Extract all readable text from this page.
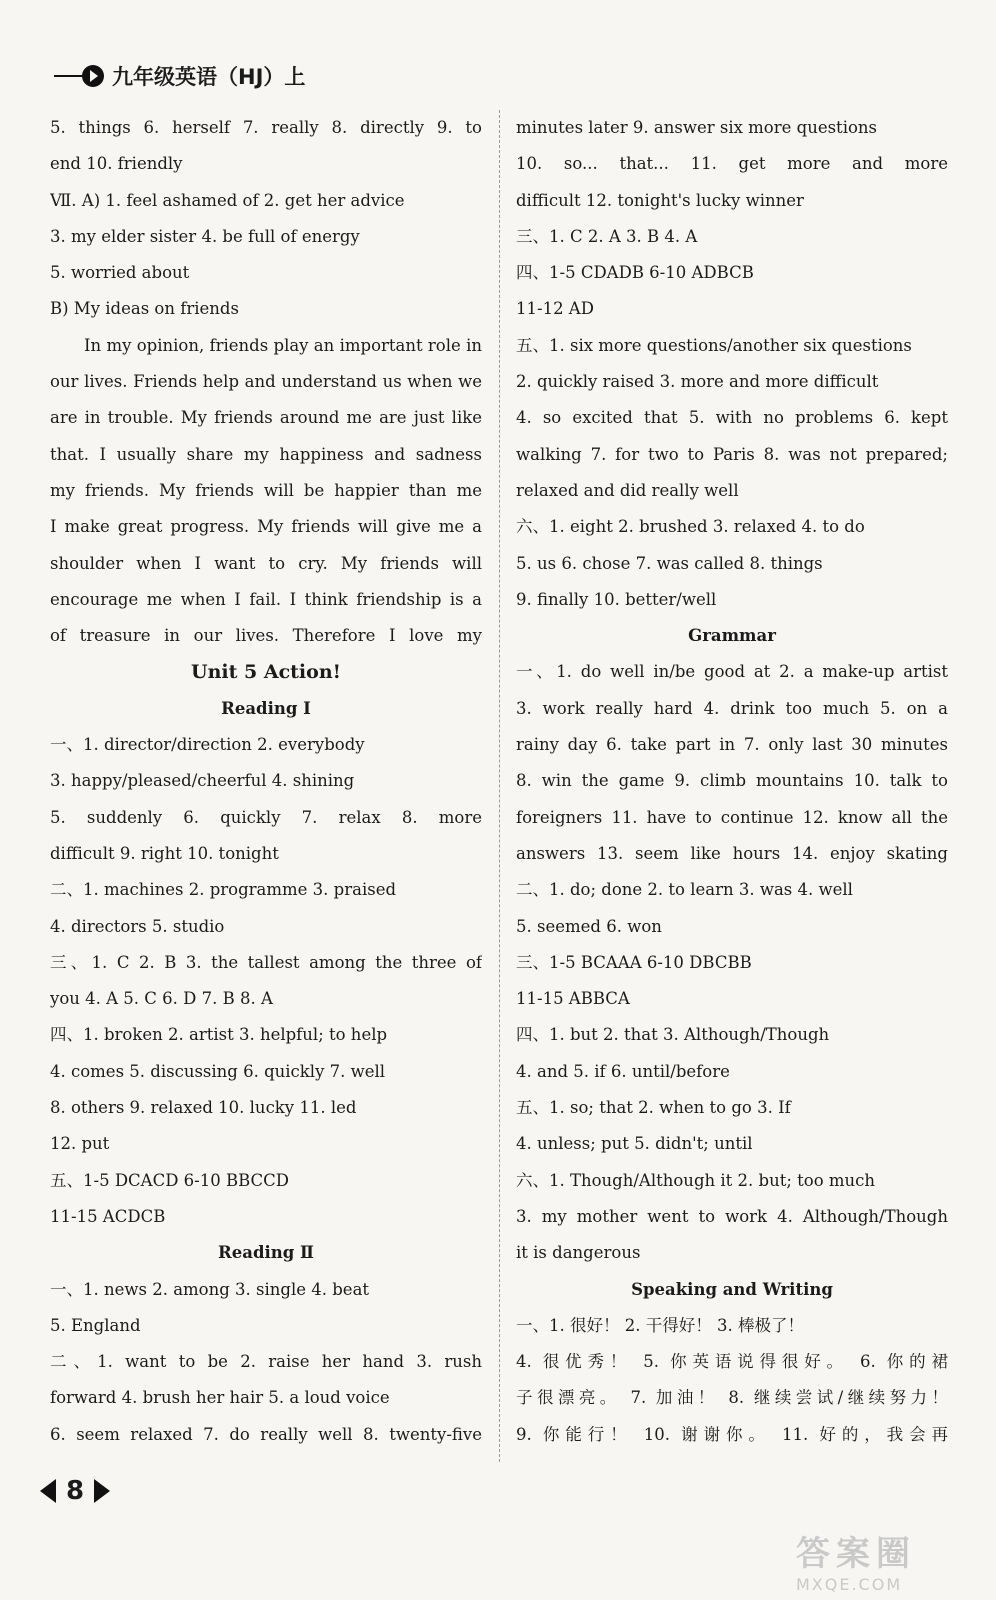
九年级英语（HJ）上
5. things 6. herself 7. really 8. directly 9. to
end 10. friendly
Ⅶ. A) 1. feel ashamed of 2. get her advice
3. my elder sister 4. be full of energy
5. worried about
B) My ideas on friends
In my opinion, friends play an important role in
our lives. Friends help and understand us when we
are in trouble. My friends around me are just like
that. I usually share my happiness and sadness
my friends. My friends will be happier than me
I make great progress. My friends will give me a
shoulder when I want to cry. My friends will
encourage me when I fail. I think friendship is a
of treasure in our lives. Therefore I love my
Unit 5 Action!
Reading Ⅰ
一、1. director/direction 2. everybody
3. happy/pleased/cheerful 4. shining
5. suddenly 6. quickly 7. relax 8. more
difficult 9. right 10. tonight
二、1. machines 2. programme 3. praised
4. directors 5. studio
三、1. C 2. B 3. the tallest among the three of
you 4. A 5. C 6. D 7. B 8. A
四、1. broken 2. artist 3. helpful; to help
4. comes 5. discussing 6. quickly 7. well
8. others 9. relaxed 10. lucky 11. led
12. put
五、1-5 DCACD 6-10 BBCCD
11-15 ACDCB
Reading Ⅱ
一、1. news 2. among 3. single 4. beat
5. England
二、1. want to be 2. raise her hand 3. rush
forward 4. brush her hair 5. a loud voice
6. seem relaxed 7. do really well 8. twenty-five
minutes later 9. answer six more questions
10. so... that... 11. get more and more
difficult 12. tonight's lucky winner
三、1. C 2. A 3. B 4. A
四、1-5 CDADB 6-10 ADBCB
11-12 AD
五、1. six more questions/another six questions
2. quickly raised 3. more and more difficult
4. so excited that 5. with no problems 6. kept
walking 7. for two to Paris 8. was not prepared;
relaxed and did really well
六、1. eight 2. brushed 3. relaxed 4. to do
5. us 6. chose 7. was called 8. things
9. finally 10. better/well
Grammar
一、1. do well in/be good at 2. a make-up artist
3. work really hard 4. drink too much 5. on a
rainy day 6. take part in 7. only last 30 minutes
8. win the game 9. climb mountains 10. talk to
foreigners 11. have to continue 12. know all the
answers 13. seem like hours 14. enjoy skating
二、1. do; done 2. to learn 3. was 4. well
5. seemed 6. won
三、1-5 BCAAA 6-10 DBCBB
11-15 ABBCA
四、1. but 2. that 3. Although/Though
4. and 5. if 6. until/before
五、1. so; that 2. when to go 3. If
4. unless; put 5. didn't; until
六、1. Though/Although it 2. but; too much
3. my mother went to work 4. Although/Though
it is dangerous
Speaking and Writing
一、1. 很好！ 2. 干得好！ 3. 棒极了！
4. 很优秀！ 5. 你英语说得很好。 6. 你的裙
子很漂亮。 7. 加油！ 8. 继续尝试/继续努力！
9. 你能行！ 10. 谢谢你。 11. 好的，我会再
8
答案圈
MXQE.COM
